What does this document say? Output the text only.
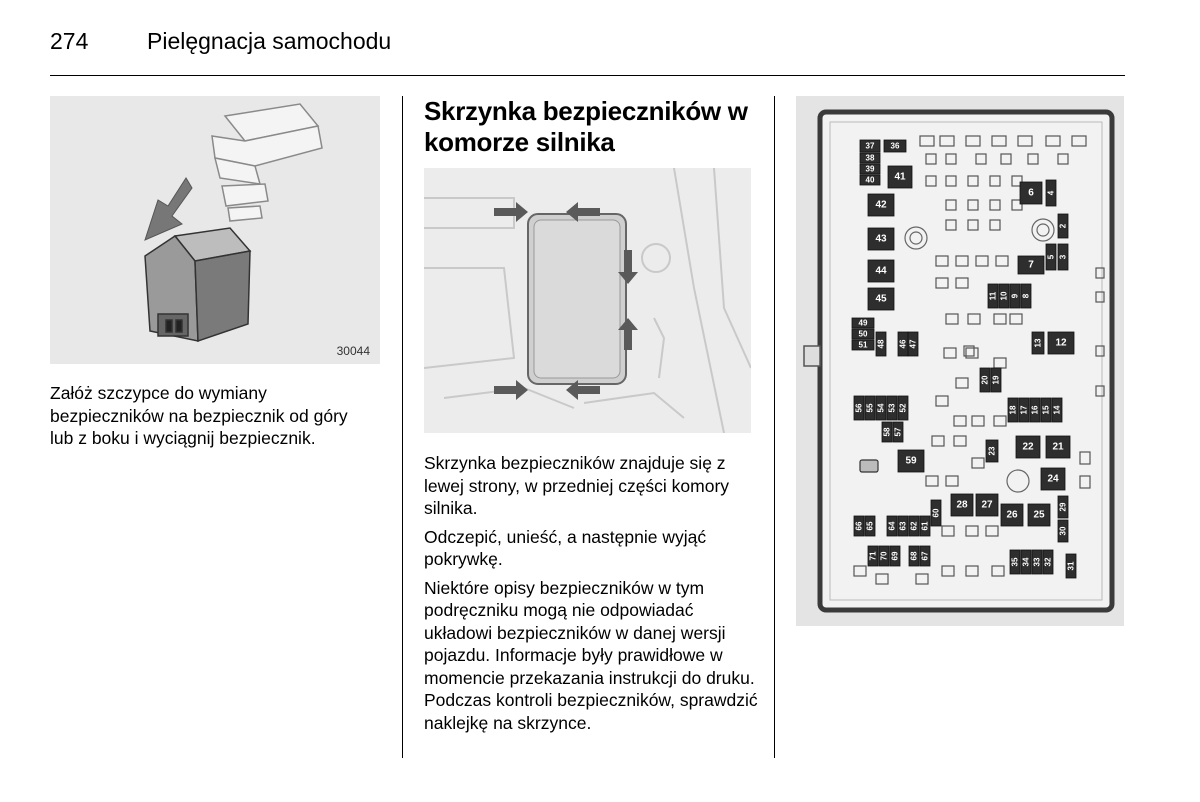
274	Pielęgnacja samochodu
30044

Załóż szczypce do wymiany bezpieczników na bezpiecznik od góry lub z boku i wyciągnij bezpiecznik.

Skrzynka bezpieczników w komorze silnika

Skrzynka bezpieczników znajduje się z lewej strony, w przedniej części komory silnika.

Odczepić, unieść, a następnie wyjąć pokrywkę.

Niektóre opisy bezpieczników w tym podręczniku mogą nie odpowiadać układowi bezpieczników w danej wersji pojazdu. Informacje były prawidłowe w momencie przekazania instrukcji do druku. Podczas kontroli bezpieczników, sprawdzić naklejkę na skrzynce.

37 36
38
39
40 41
6 4
42
43
2
44
7
5 3
45	11 10 9 8
49
50
51 48 46 47	13 12
20 19
56 55 54 53 52	18 17 16 15 14
58 57
23	22 21
59
24
28 27
26 25
29
30
66 65 64 63 62 61
60
71 70 69 68 67
31
35 34 33 32
